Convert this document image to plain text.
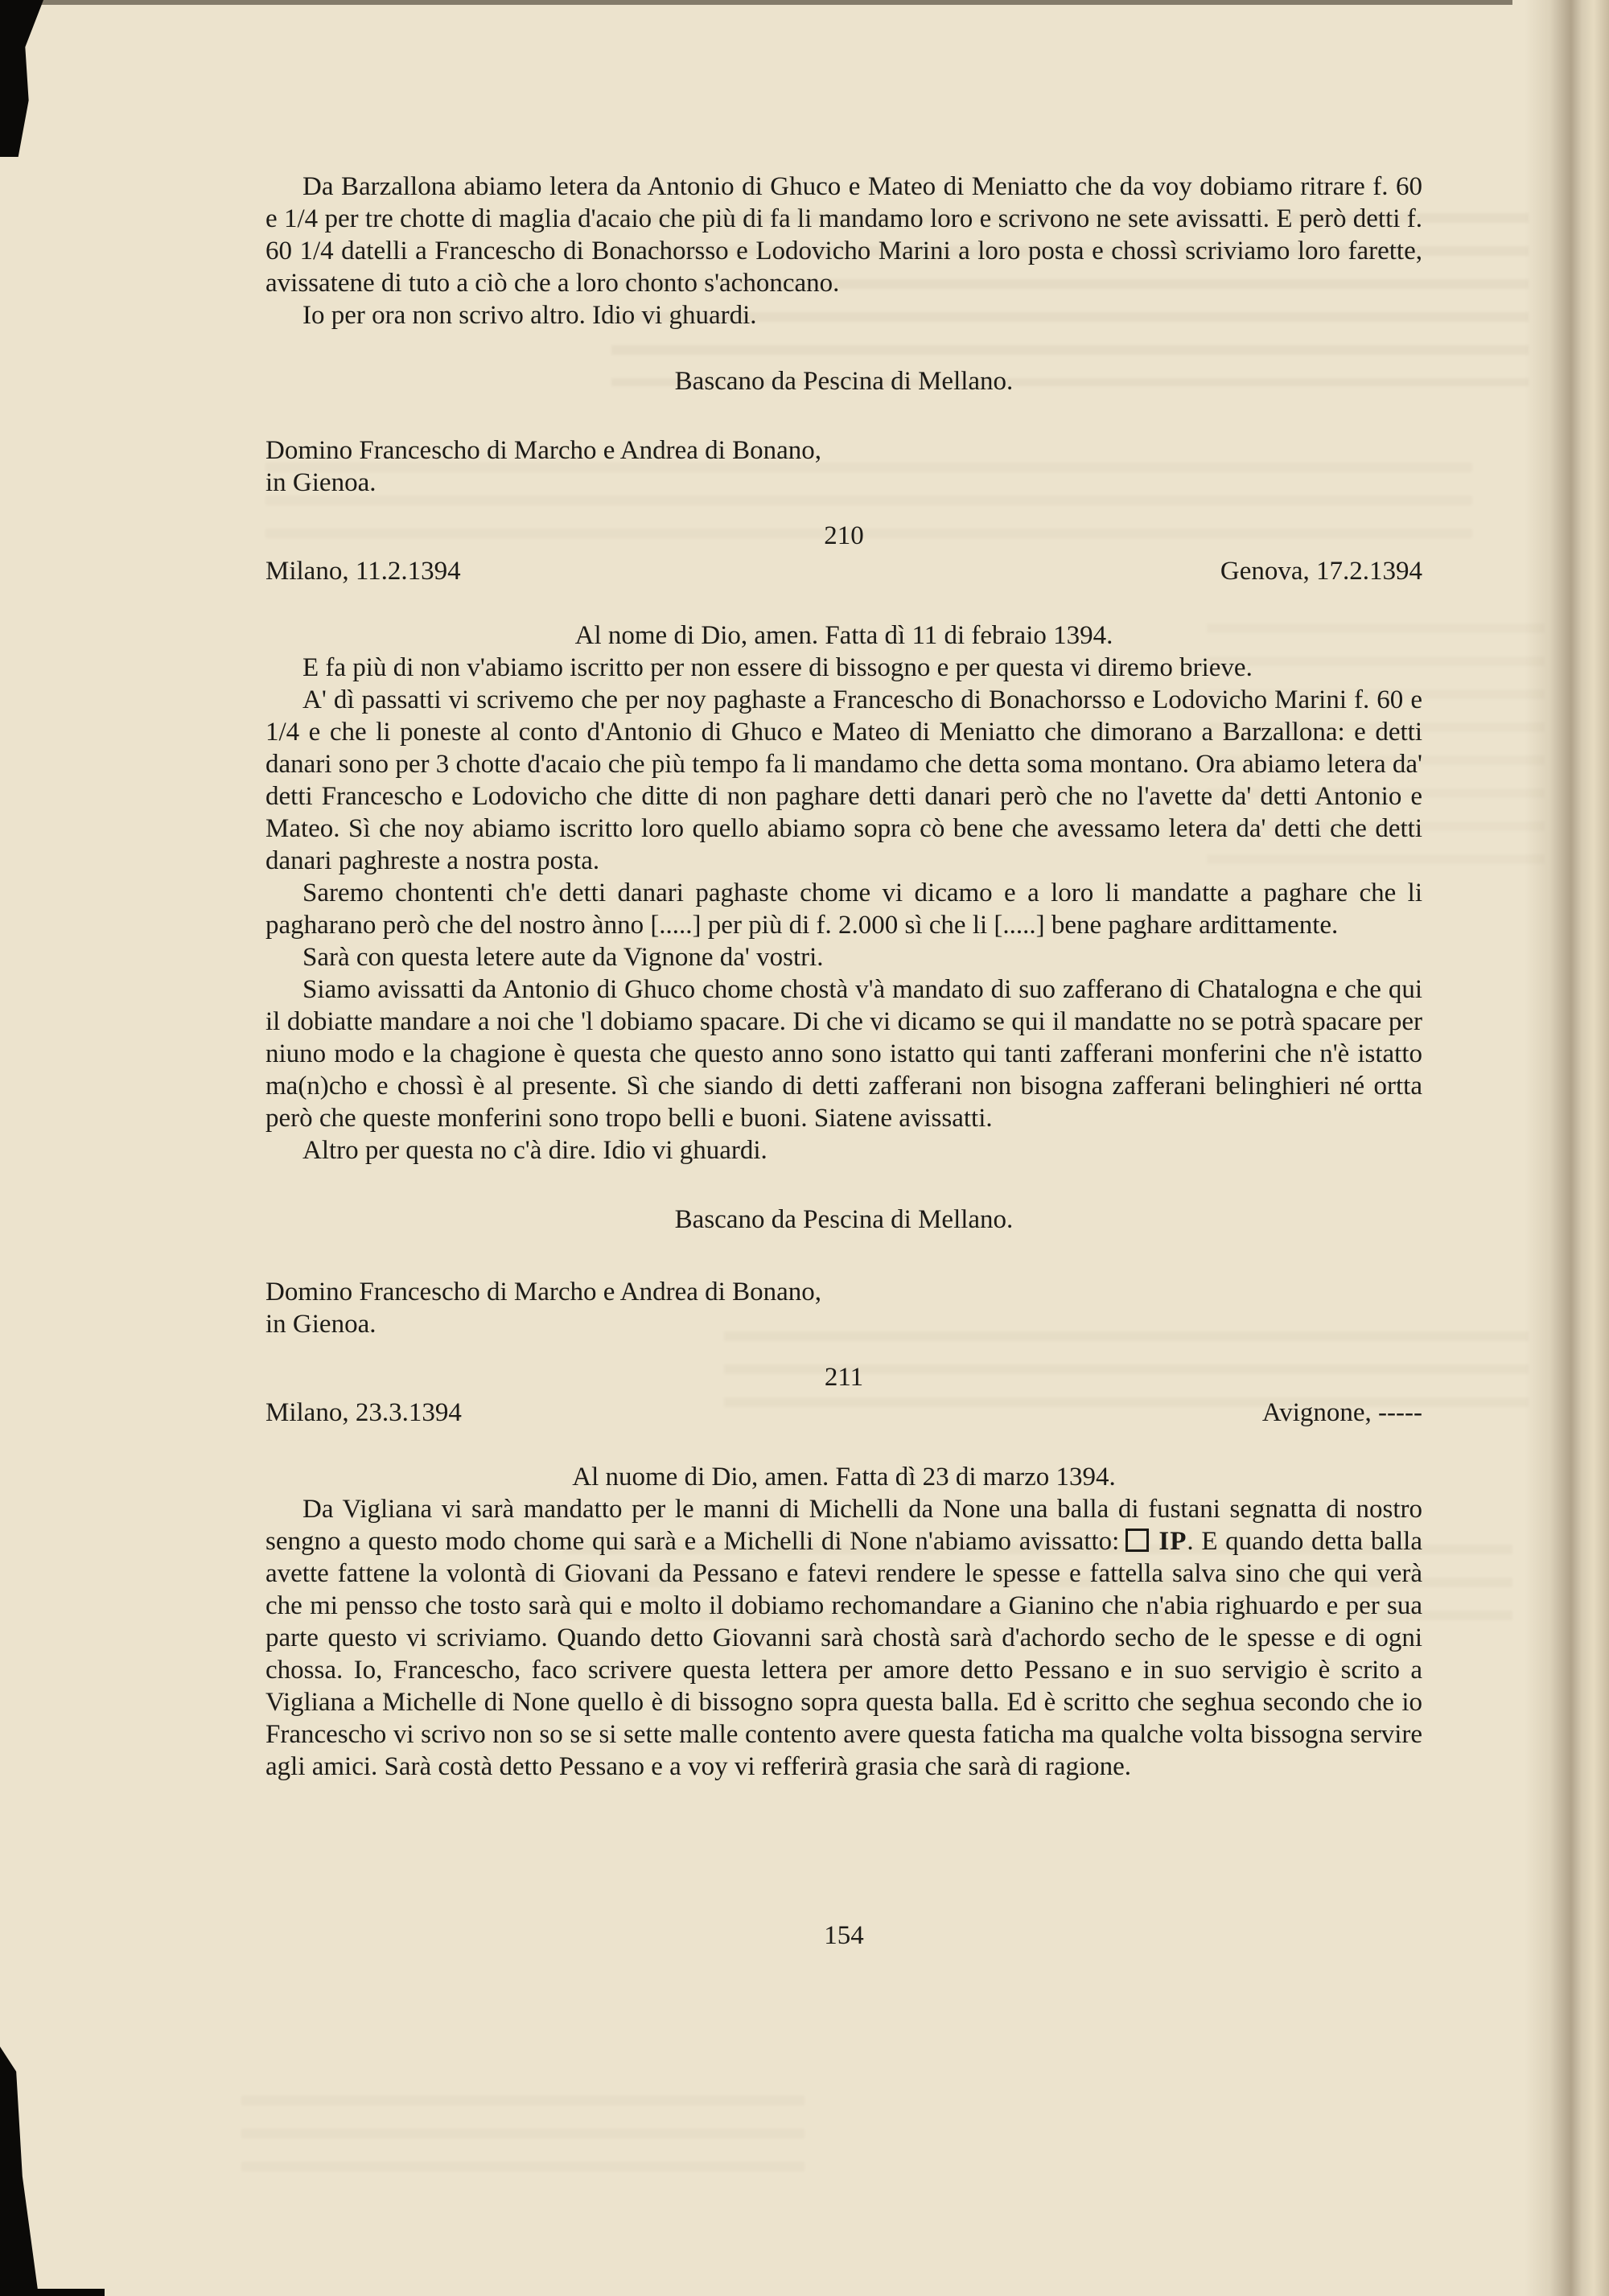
Da Barzallona abiamo letera da Antonio di Ghuco e Mateo di Meniatto che da voy dobiamo ritrare f. 60 e 1/4 per tre chotte di maglia d'acaio che più di fa li mandamo loro e scrivono ne sete avissatti. E però detti f. 60 1/4 datelli a Francescho di Bonachorsso e Lodovicho Marini a loro posta e chossì scriviamo loro farette, avissatene di tuto a ciò che a loro chonto s'achoncano.

Io per ora non scrivo altro. Idio vi ghuardi.

Bascano da Pescina di Mellano.

Domino Francescho di Marcho e Andrea di Bonano,

in Gienoa.

210

Milano, 11.2.1394	Genova, 17.2.1394

Al nome di Dio, amen. Fatta dì 11 di febraio 1394.

E fa più di non v'abiamo iscritto per non essere di bissogno e per questa vi diremo brieve.

A' dì passatti vi scrivemo che per noy paghaste a Francescho di Bonachorsso e Lodovicho Marini f. 60 e 1/4 e che li poneste al conto d'Antonio di Ghuco e Mateo di Meniatto che dimorano a Barzallona: e detti danari sono per 3 chotte d'acaio che più tempo fa li mandamo che detta soma montano. Ora abiamo letera da' detti Francescho e Lodovicho che ditte di non paghare detti danari però che no l'avette da' detti Antonio e Mateo. Sì che noy abiamo iscritto loro quello abiamo sopra cò bene che avessamo letera da' detti che detti danari paghreste a nostra posta.

Saremo chontenti ch'e detti danari paghaste chome vi dicamo e a loro li mandatte a paghare che li pagharano però che del nostro ànno [.....] per più di f. 2.000 sì che li [.....] bene paghare ardittamente.

Sarà con questa letere aute da Vignone da' vostri.

Siamo avissatti da Antonio di Ghuco chome chostà v'à mandato di suo zafferano di Chatalogna e che qui il dobiatte mandare a noi che 'l dobiamo spacare. Di che vi dicamo se qui il mandatte no se potrà spacare per niuno modo e la chagione è questa che questo anno sono istatto qui tanti zafferani monferini che n'è istatto ma(n)cho e chossì è al presente. Sì che siando di detti zafferani non bisogna zafferani belinghieri né ortta però che queste monferini sono tropo belli e buoni. Siatene avissatti.

Altro per questa no c'à dire. Idio vi ghuardi.

Bascano da Pescina di Mellano.

Domino Francescho di Marcho e Andrea di Bonano,

in Gienoa.

211

Milano, 23.3.1394	Avignone, -----

Al nuome di Dio, amen. Fatta dì 23 di marzo 1394.

Da Vigliana vi sarà mandatto per le manni di Michelli da None una balla di fustani segnatta di nostro sengno a questo modo chome qui sarà e a Michelli di None n'abiamo avissatto: IP. E quando detta balla avette fattene la volontà di Giovani da Pessano e fatevi rendere le spesse e fattella salva sino che qui verà che mi pensso che tosto sarà qui e molto il dobiamo rechomandare a Gianino che n'abia righuardo e per sua parte questo vi scriviamo. Quando detto Giovanni sarà chostà sarà d'achordo secho de le spesse e di ogni chossa. Io, Francescho, faco scrivere questa lettera per amore detto Pessano e in suo servigio è scrito a Vigliana a Michelle di None quello è di bissogno sopra questa balla. Ed è scritto che seghua secondo che io Francescho vi scrivo non so se si sette malle contento avere questa faticha ma qualche volta bissogna servire agli amici. Sarà costà detto Pessano e a voy vi refferirà grasia che sarà di ragione.

154
